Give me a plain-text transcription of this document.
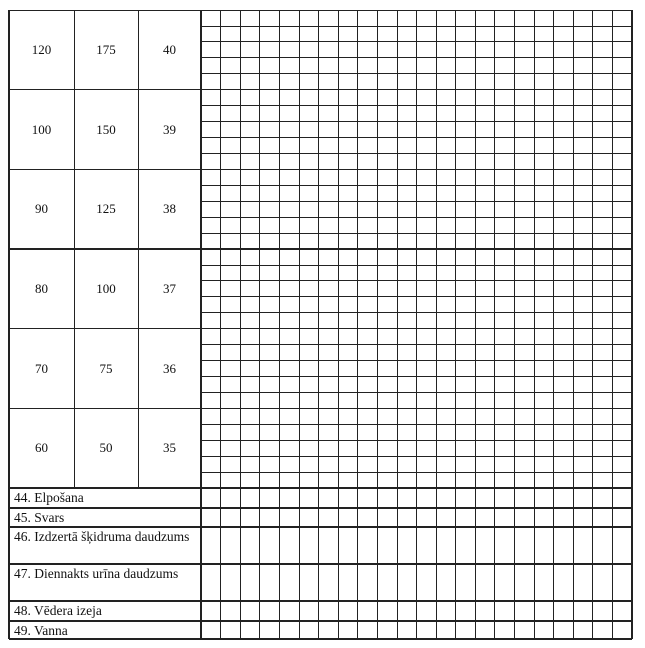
120	175	40
100	150	39
90	125	38
80	100	37
70	75	36
60	50	35
44. Elpošana
45. Svars
46. Izdzertā šķidruma daudzums
47. Diennakts urīna daudzums
48. Vēdera izeja
49. Vanna
